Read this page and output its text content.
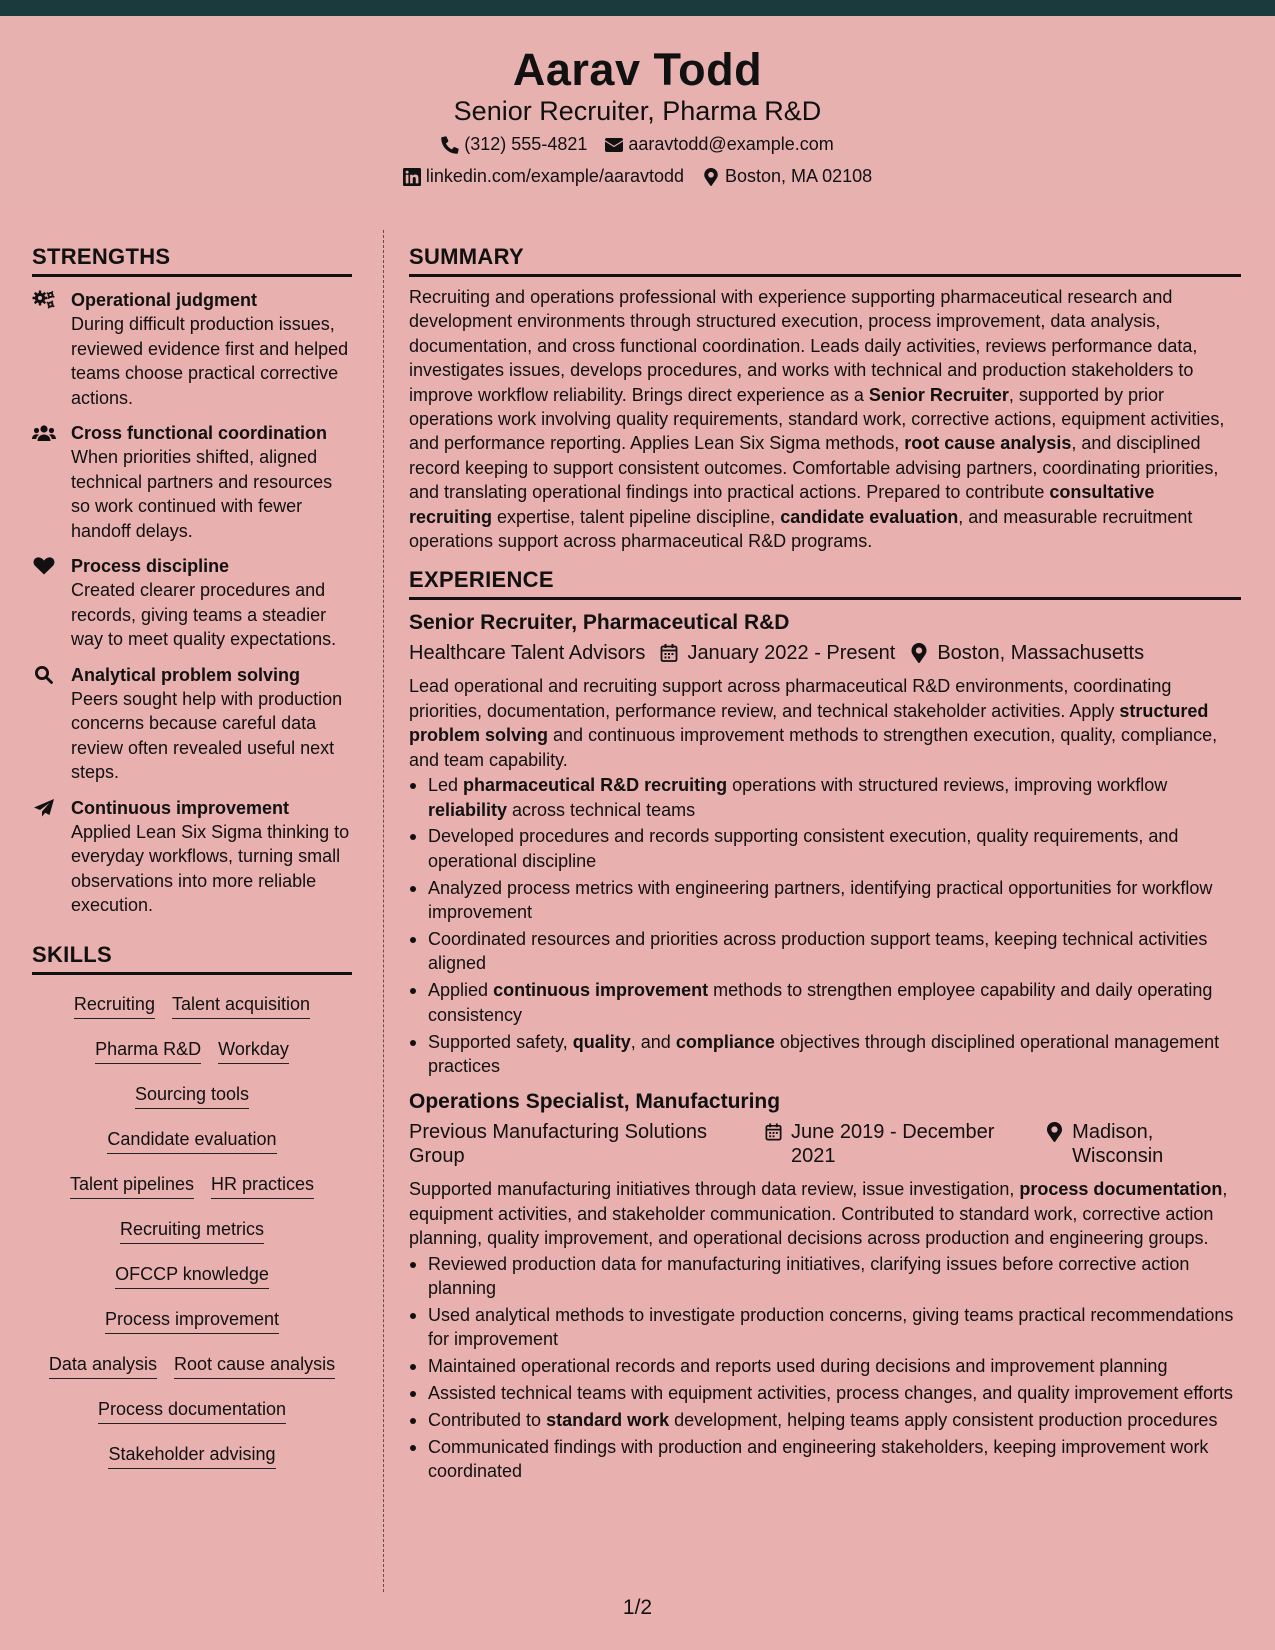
Aarav Todd
Senior Recruiter, Pharma R&D
(312) 555-4821 aaravtodd@example.com
linkedin.com/example/aaravtodd Boston, MA 02108
STRENGTHS
Operational judgment
During difficult production issues, reviewed evidence first and helped teams choose practical corrective actions.
Cross functional coordination
When priorities shifted, aligned technical partners and resources so work continued with fewer handoff delays.
Process discipline
Created clearer procedures and records, giving teams a steadier way to meet quality expectations.
Analytical problem solving
Peers sought help with production concerns because careful data review often revealed useful next steps.
Continuous improvement
Applied Lean Six Sigma thinking to everyday workflows, turning small observations into more reliable execution.
SKILLS
Recruiting Talent acquisition
Pharma R&D Workday
Sourcing tools
Candidate evaluation
Talent pipelines HR practices
Recruiting metrics
OFCCP knowledge
Process improvement
Data analysis Root cause analysis
Process documentation
Stakeholder advising
SUMMARY
Recruiting and operations professional with experience supporting pharmaceutical research and development environments through structured execution, process improvement, data analysis, documentation, and cross functional coordination. Leads daily activities, reviews performance data, investigates issues, develops procedures, and works with technical and production stakeholders to improve workflow reliability. Brings direct experience as a Senior Recruiter, supported by prior operations work involving quality requirements, standard work, corrective actions, equipment activities, and performance reporting. Applies Lean Six Sigma methods, root cause analysis, and disciplined record keeping to support consistent outcomes. Comfortable advising partners, coordinating priorities, and translating operational findings into practical actions. Prepared to contribute consultative recruiting expertise, talent pipeline discipline, candidate evaluation, and measurable recruitment operations support across pharmaceutical R&D programs.
EXPERIENCE
Senior Recruiter, Pharmaceutical R&D
Healthcare Talent Advisors January 2022 - Present Boston, Massachusetts
Lead operational and recruiting support across pharmaceutical R&D environments, coordinating priorities, documentation, performance review, and technical stakeholder activities. Apply structured problem solving and continuous improvement methods to strengthen execution, quality, compliance, and team capability.
Led pharmaceutical R&D recruiting operations with structured reviews, improving workflow reliability across technical teams
Developed procedures and records supporting consistent execution, quality requirements, and operational discipline
Analyzed process metrics with engineering partners, identifying practical opportunities for workflow improvement
Coordinated resources and priorities across production support teams, keeping technical activities aligned
Applied continuous improvement methods to strengthen employee capability and daily operating consistency
Supported safety, quality, and compliance objectives through disciplined operational management practices
Operations Specialist, Manufacturing
Previous Manufacturing Solutions Group
June 2019 - December 2021
Madison, Wisconsin
Supported manufacturing initiatives through data review, issue investigation, process documentation, equipment activities, and stakeholder communication. Contributed to standard work, corrective action planning, quality improvement, and operational decisions across production and engineering groups.
Reviewed production data for manufacturing initiatives, clarifying issues before corrective action planning
Used analytical methods to investigate production concerns, giving teams practical recommendations for improvement
Maintained operational records and reports used during decisions and improvement planning
Assisted technical teams with equipment activities, process changes, and quality improvement efforts
Contributed to standard work development, helping teams apply consistent production procedures
Communicated findings with production and engineering stakeholders, keeping improvement work coordinated
1/2
